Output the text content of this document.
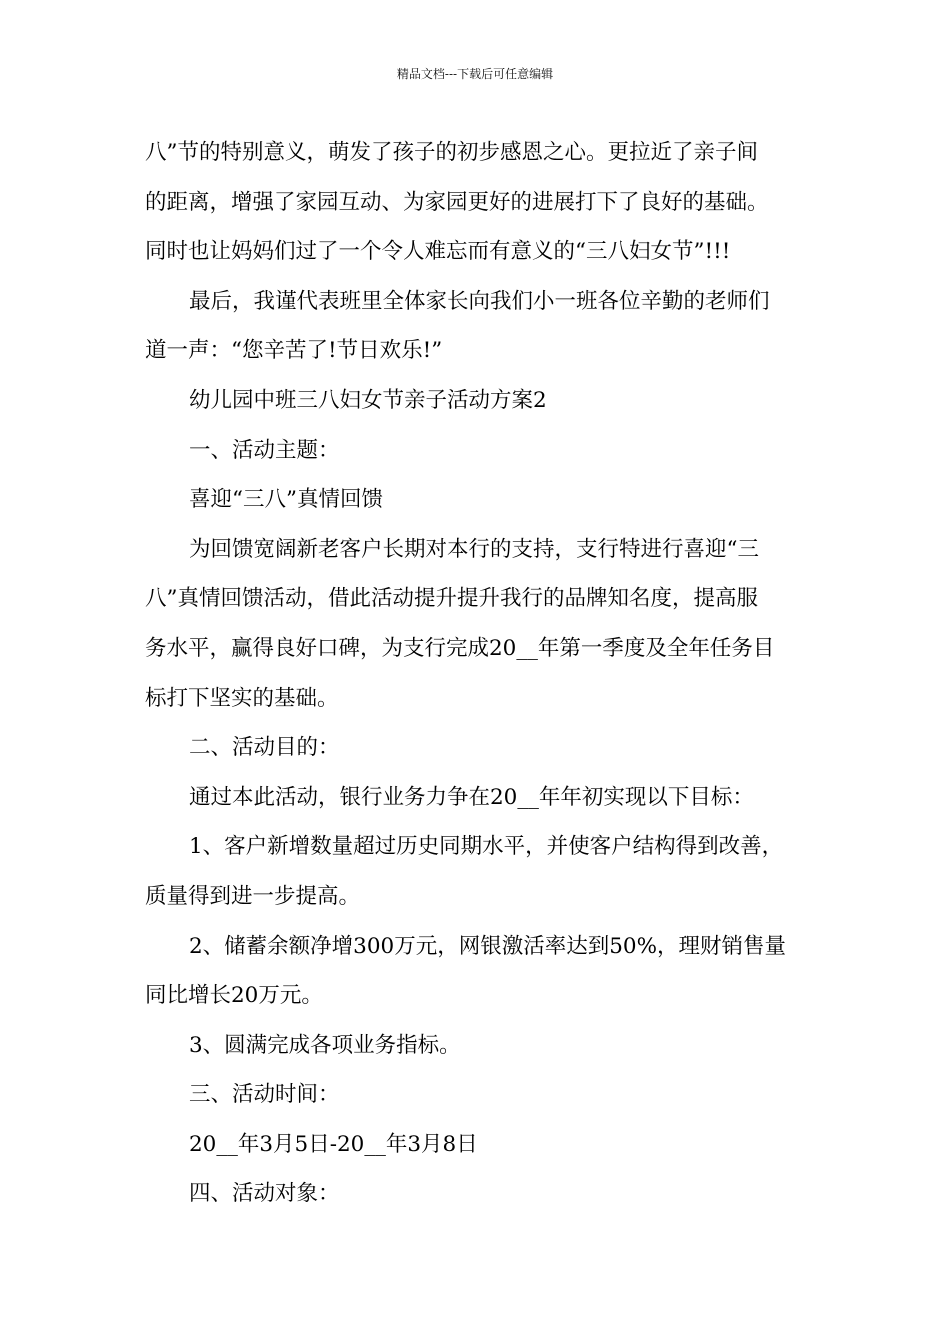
精品文档---下载后可任意编辑
八”节的特别意义，萌发了孩子的初步感恩之心。更拉近了亲子间
的距离，增强了家园互动、为家园更好的进展打下了良好的基础。
同时也让妈妈们过了一个令人难忘而有意义的“三八妇女节”!!!
最后，我谨代表班里全体家长向我们小一班各位辛勤的老师们
道一声：“您辛苦了!节日欢乐!”
幼儿园中班三八妇女节亲子活动方案2
一、活动主题：
喜迎“三八”真情回馈
为回馈宽阔新老客户长期对本行的支持，支行特进行喜迎“三
八”真情回馈活动，借此活动提升提升我行的品牌知名度，提高服
务水平，赢得良好口碑，为支行完成20__年第一季度及全年任务目
标打下坚实的基础。
二、活动目的：
通过本此活动，银行业务力争在20__年年初实现以下目标：
1、客户新增数量超过历史同期水平，并使客户结构得到改善，
质量得到进一步提高。
2、储蓄余额净增300万元，网银激活率达到50%，理财销售量
同比增长20万元。
3、圆满完成各项业务指标。
三、活动时间：
20__年3月5日-20__年3月8日
四、活动对象：
